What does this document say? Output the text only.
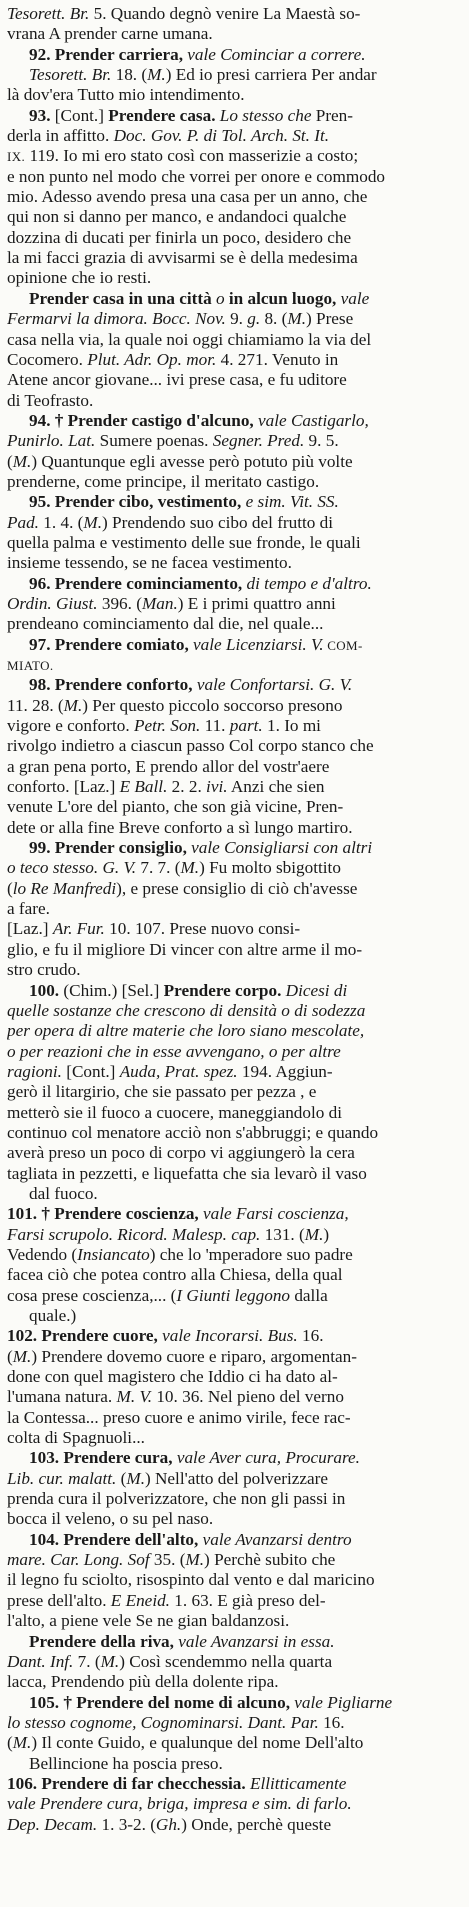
Tesorett. Br. 5. Quando degnò venire La Maestà so-
vrana A prender carne umana.
92. Prender carriera, vale Cominciar a correre.
Tesorett. Br. 18. (M.) Ed io presi carriera Per andar
là dov'era Tutto mio intendimento.
93. [Cont.] Prendere casa. Lo stesso che Pren-
derla in affitto. Doc. Gov. P. di Tol. Arch. St. It.
IX. 119. Io mi ero stato così con masserizie a costo;
e non punto nel modo che vorrei per onore e commodo
mio. Adesso avendo presa una casa per un anno, che
qui non si danno per manco, e andandoci qualche
dozzina di ducati per finirla un poco, desidero che
la mi facci grazia di avvisarmi se è della medesima
opinione che io resti.
Prender casa in una città o in alcun luogo, vale
Fermarvi la dimora. Bocc. Nov. 9. g. 8. (M.) Prese
casa nella via, la quale noi oggi chiamiamo la via del
Cocomero. Plut. Adr. Op. mor. 4. 271. Venuto in
Atene ancor giovane... ivi prese casa, e fu uditore
di Teofrasto.
94. † Prender castigo d'alcuno, vale Castigarlo,
Punirlo. Lat. Sumere poenas. Segner. Pred. 9. 5.
(M.) Quantunque egli avesse però potuto più volte
prenderne, come principe, il meritato castigo.
95. Prender cibo, vestimento, e sim. Vit. SS.
Pad. 1. 4. (M.) Prendendo suo cibo del frutto di
quella palma e vestimento delle sue fronde, le quali
insieme tessendo, se ne facea vestimento.
96. Prendere cominciamento, di tempo e d'altro.
Ordin. Giust. 396. (Man.) E i primi quattro anni
prendeano cominciamento dal die, nel quale...
97. Prendere comiato, vale Licenziarsi. V. COM-
MIATO.
98. Prendere conforto, vale Confortarsi. G. V.
11. 28. (M.) Per questo piccolo soccorso presono
vigore e conforto. Petr. Son. 11. part. 1. Io mi
rivolgo indietro a ciascun passo Col corpo stanco che
a gran pena porto, E prendo allor del vostr'aere
conforto. [Laz.] E Ball. 2. 2. ivi. Anzi che sien
venute L'ore del pianto, che son già vicine, Pren-
dete or alla fine Breve conforto a sì lungo martiro.
99. Prender consiglio, vale Consigliarsi con altri
o teco stesso. G. V. 7. 7. (M.) Fu molto sbigottito
(lo Re Manfredi), e prese consiglio di ciò ch'avesse
a fare.
[Laz.] Ar. Fur. 10. 107. Prese nuovo consi-
glio, e fu il migliore Di vincer con altre arme il mo-
stro crudo.
100. (Chim.) [Sel.] Prendere corpo. Dicesi di
quelle sostanze che crescono di densità o di sodezza
per opera di altre materie che loro siano mescolate,
o per reazioni che in esse avvengano, o per altre
ragioni. [Cont.] Auda, Prat. spez. 194. Aggiun-
gerò il litargirio, che sie passato per pezza , e
metterò sie il fuoco a cuocere, maneggiandolo di
continuo col menatore acciò non s'abbruggi; e quando
averà preso un poco di corpo vi aggiungerò la cera
tagliata in pezzetti, e liquefatta che sia levarò il vaso
dal fuoco.
101. † Prendere coscienza, vale Farsi coscienza,
Farsi scrupolo. Ricord. Malesp. cap. 131. (M.)
Vedendo (Insiancato) che lo 'mperadore suo padre
facea ciò che potea contro alla Chiesa, della qual
cosa prese coscienza,... (I Giunti leggono dalla
quale.)
102. Prendere cuore, vale Incorarsi. Bus. 16.
(M.) Prendere dovemo cuore e riparo, argomentan-
done con quel magistero che Iddio ci ha dato al-
l'umana natura. M. V. 10. 36. Nel pieno del verno
la Contessa... preso cuore e animo virile, fece rac-
colta di Spagnuoli...
103. Prendere cura, vale Aver cura, Procurare.
Lib. cur. malatt. (M.) Nell'atto del polverizzare
prenda cura il polverizzatore, che non gli passi in
bocca il veleno, o su pel naso.
104. Prendere dell'alto, vale Avanzarsi dentro
mare. Car. Long. Sof 35. (M.) Perchè subito che
il legno fu sciolto, risospinto dal vento e dal maricino
prese dell'alto. E Eneid. 1. 63. E già preso del-
l'alto, a piene vele Se ne gian baldanzosi.
Prendere della riva, vale Avanzarsi in essa.
Dant. Inf. 7. (M.) Così scendemmo nella quarta
lacca, Prendendo più della dolente ripa.
105. † Prendere del nome di alcuno, vale Pigliarne
lo stesso cognome, Cognominarsi. Dant. Par. 16.
(M.) Il conte Guido, e qualunque del nome Dell'alto
Bellincione ha poscia preso.
106. Prendere di far checchessia. Ellitticamente
vale Prendere cura, briga, impresa e sim. di farlo.
Dep. Decam. 1. 3-2. (Gh.) Onde, perchè queste
